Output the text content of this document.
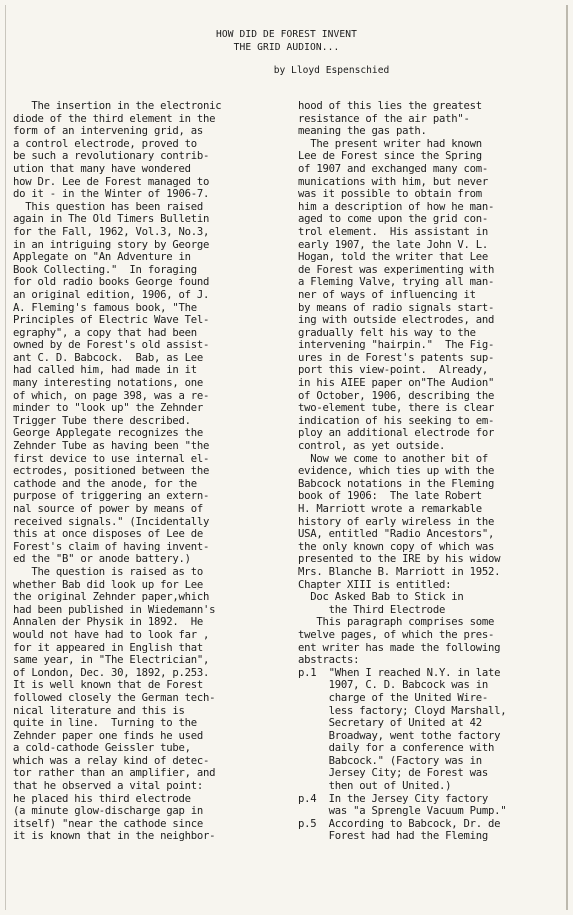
HOW DID DE FOREST INVENT
THE GRID AUDION...
by Lloyd Espenschied
The insertion in the electronic
diode of the third element in the
form of an intervening grid, as
a control electrode, proved to
be such a revolutionary contrib-
ution that many have wondered
how Dr. Lee de Forest managed to
do it - in the Winter of 1906-7.
This question has been raised
again in The Old Timers Bulletin
for the Fall, 1962, Vol.3, No.3,
in an intriguing story by George
Applegate on "An Adventure in
Book Collecting."  In foraging
for old radio books George found
an original edition, 1906, of J.
A. Fleming's famous book, "The
Principles of Electric Wave Tel-
egraphy", a copy that had been
owned by de Forest's old assist-
ant C. D. Babcock.  Bab, as Lee
had called him, had made in it
many interesting notations, one
of which, on page 398, was a re-
minder to "look up" the Zehnder
Trigger Tube there described.
George Applegate recognizes the
Zehnder Tube as having been "the
first device to use internal el-
ectrodes, positioned between the
cathode and the anode, for the
purpose of triggering an extern-
nal source of power by means of
received signals." (Incidentally
this at once disposes of Lee de
Forest's claim of having invent-
ed the "B" or anode battery.)
The question is raised as to
whether Bab did look up for Lee
the original Zehnder paper,which
had been published in Wiedemann's
Annalen der Physik in 1892.  He
would not have had to look far ,
for it appeared in English that
same year, in "The Electrician",
of London, Dec. 30, 1892, p.253.
It is well known that de Forest
followed closely the German tech-
nical literature and this is
quite in line.  Turning to the
Zehnder paper one finds he used
a cold-cathode Geissler tube,
which was a relay kind of detec-
tor rather than an amplifier, and
that he observed a vital point:
he placed his third electrode
(a minute glow-discharge gap in
itself) "near the cathode since
it is known that in the neighbor-
hood of this lies the greatest
resistance of the air path"-
meaning the gas path.
The present writer had known
Lee de Forest since the Spring
of 1907 and exchanged many com-
munications with him, but never
was it possible to obtain from
him a description of how he man-
aged to come upon the grid con-
trol element.  His assistant in
early 1907, the late John V. L.
Hogan, told the writer that Lee
de Forest was experimenting with
a Fleming Valve, trying all man-
ner of ways of influencing it
by means of radio signals start-
ing with outside electrodes, and
gradually felt his way to the
intervening "hairpin."  The Fig-
ures in de Forest's patents sup-
port this view-point.  Already,
in his AIEE paper on"The Audion"
of October, 1906, describing the
two-element tube, there is clear
indication of his seeking to em-
ploy an additional electrode for
control, as yet outside.
Now we come to another bit of
evidence, which ties up with the
Babcock notations in the Fleming
book of 1906:  The late Robert
H. Marriott wrote a remarkable
history of early wireless in the
USA, entitled "Radio Ancestors",
the only known copy of which was
presented to the IRE by his widow
Mrs. Blanche B. Marriott in 1952.
Chapter XIII is entitled:
Doc Asked Bab to Stick in
the Third Electrode
This paragraph comprises some
twelve pages, of which the pres-
ent writer has made the following
abstracts:
p.1  "When I reached N.Y. in late
1907, C. D. Babcock was in
charge of the United Wire-
less factory; Cloyd Marshall,
Secretary of United at 42
Broadway, went tothe factory
daily for a conference with
Babcock." (Factory was in
Jersey City; de Forest was
then out of United.)
p.4  In the Jersey City factory
was "a Sprengle Vacuum Pump."
p.5  According to Babcock, Dr. de
Forest had had the Fleming
